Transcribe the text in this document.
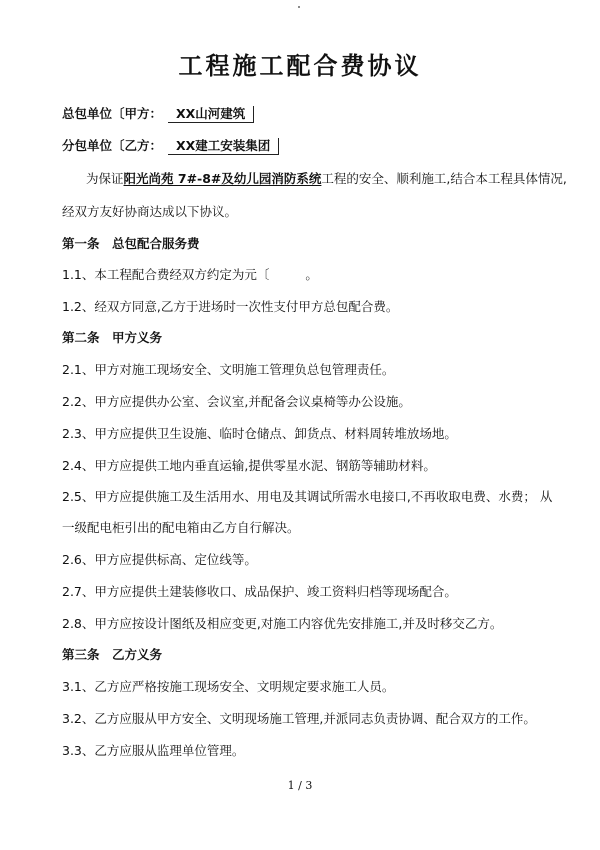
工程施工配合费协议
总包单位〔甲方： XX山河建筑
分包单位〔乙方： XX建工安装集团
为保证阳光尚苑 7#-8#及幼儿园消防系统工程的安全、顺利施工,结合本工程具体情况,
经双方友好协商达成以下协议。
第一条　总包配合服务费
1.1、本工程配合费经双方约定为元〔	。
1.2、经双方同意,乙方于进场时一次性支付甲方总包配合费。
第二条　甲方义务
2.1、甲方对施工现场安全、文明施工管理负总包管理责任。
2.2、甲方应提供办公室、会议室,并配备会议桌椅等办公设施。
2.3、甲方应提供卫生设施、临时仓储点、卸货点、材料周转堆放场地。
2.4、甲方应提供工地内垂直运输,提供零星水泥、钢筋等辅助材料。
2.5、甲方应提供施工及生活用水、用电及其调试所需水电接口,不再收取电费、水费； 从
一级配电柜引出的配电箱由乙方自行解决。
2.6、甲方应提供标高、定位线等。
2.7、甲方应提供土建装修收口、成品保护、竣工资料归档等现场配合。
2.8、甲方应按设计图纸及相应变更,对施工内容优先安排施工,并及时移交乙方。
第三条　乙方义务
3.1、乙方应严格按施工现场安全、文明规定要求施工人员。
3.2、乙方应服从甲方安全、文明现场施工管理,并派同志负责协调、配合双方的工作。
3.3、乙方应服从监理单位管理。
1 / 3
